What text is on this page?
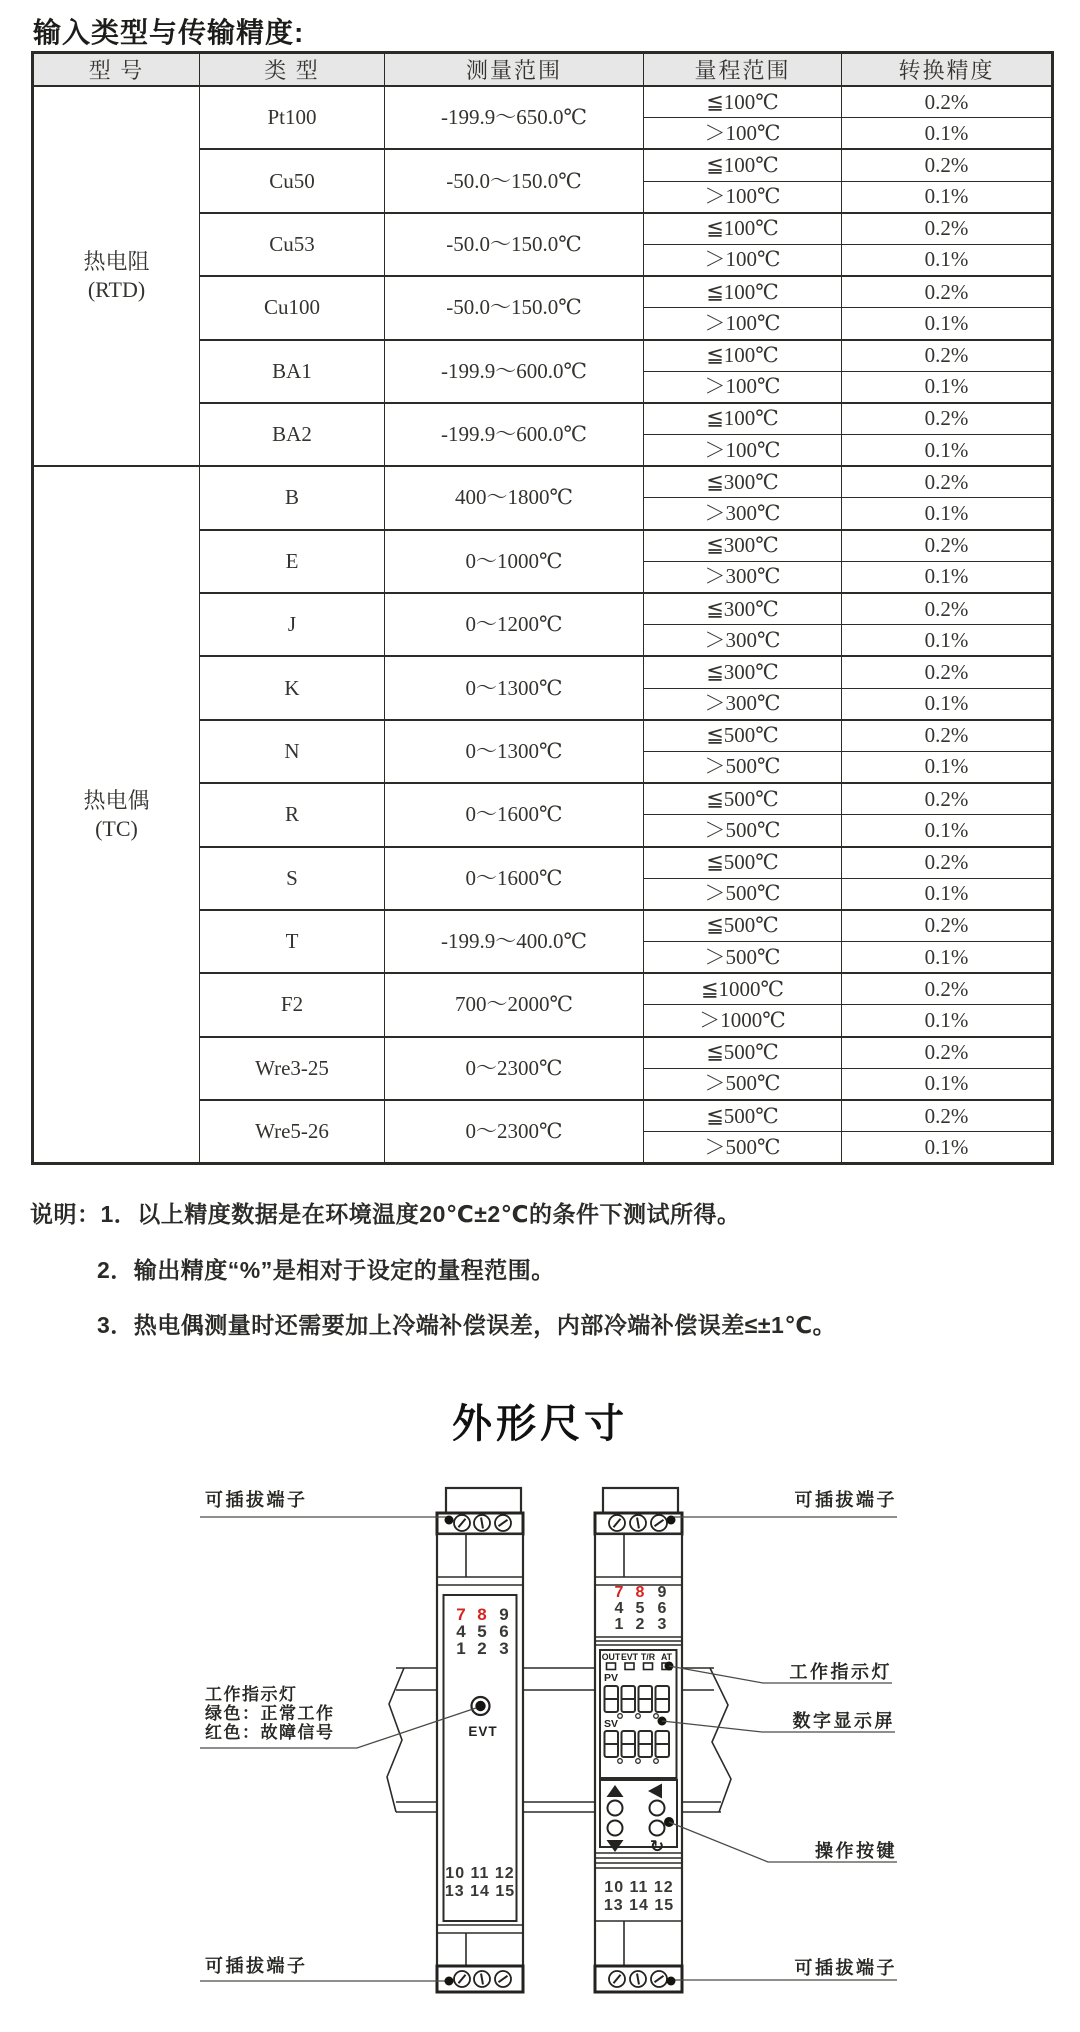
输入类型与传输精度:
型 号	类 型	测量范围	量程范围	转换精度

热电阻
(RTD)	Pt100	-199.9～650.0℃	≦100℃	0.2%
			＞100℃	0.1%
	Cu50	-50.0～150.0℃	≦100℃	0.2%
			＞100℃	0.1%
	Cu53	-50.0～150.0℃	≦100℃	0.2%
			＞100℃	0.1%
	Cu100	-50.0～150.0℃	≦100℃	0.2%
			＞100℃	0.1%
	BA1	-199.9～600.0℃	≦100℃	0.2%
			＞100℃	0.1%
	BA2	-199.9～600.0℃	≦100℃	0.2%
			＞100℃	0.1%

热电偶
(TC)	B	400～1800℃	≦300℃	0.2%
			＞300℃	0.1%
	E	0～1000℃	≦300℃	0.2%
			＞300℃	0.1%
	J	0～1200℃	≦300℃	0.2%
			＞300℃	0.1%
	K	0～1300℃	≦300℃	0.2%
			＞300℃	0.1%
	N	0～1300℃	≦500℃	0.2%
			＞500℃	0.1%
	R	0～1600℃	≦500℃	0.2%
			＞500℃	0.1%
	S	0～1600℃	≦500℃	0.2%
			＞500℃	0.1%
	T	-199.9～400.0℃	≦500℃	0.2%
			＞500℃	0.1%
	F2	700～2000℃	≦1000℃	0.2%
			＞1000℃	0.1%
	Wre3-25	0～2300℃	≦500℃	0.2%
			＞500℃	0.1%
	Wre5-26	0～2300℃	≦500℃	0.2%
			＞500℃	0.1%
说明：1．以上精度数据是在环境温度20℃±2℃的条件下测试所得。
2．输出精度“%”是相对于设定的量程范围。
3．热电偶测量时还需要加上冷端补偿误差，内部冷端补偿误差≤±1℃。
外形尺寸
7 8 9
4 5 6
1 2 3
EVT
10 11 12
13 14 15
7 8 9
4 5 6
1 2 3
OUT EVT T/R AT
PV
SV
↻
10 11 12
13 14 15
可插拔端子
工作指示灯
绿色：正常工作
红色：故障信号
可插拔端子
可插拔端子
工作指示灯
数字显示屏
操作按键
可插拔端子
